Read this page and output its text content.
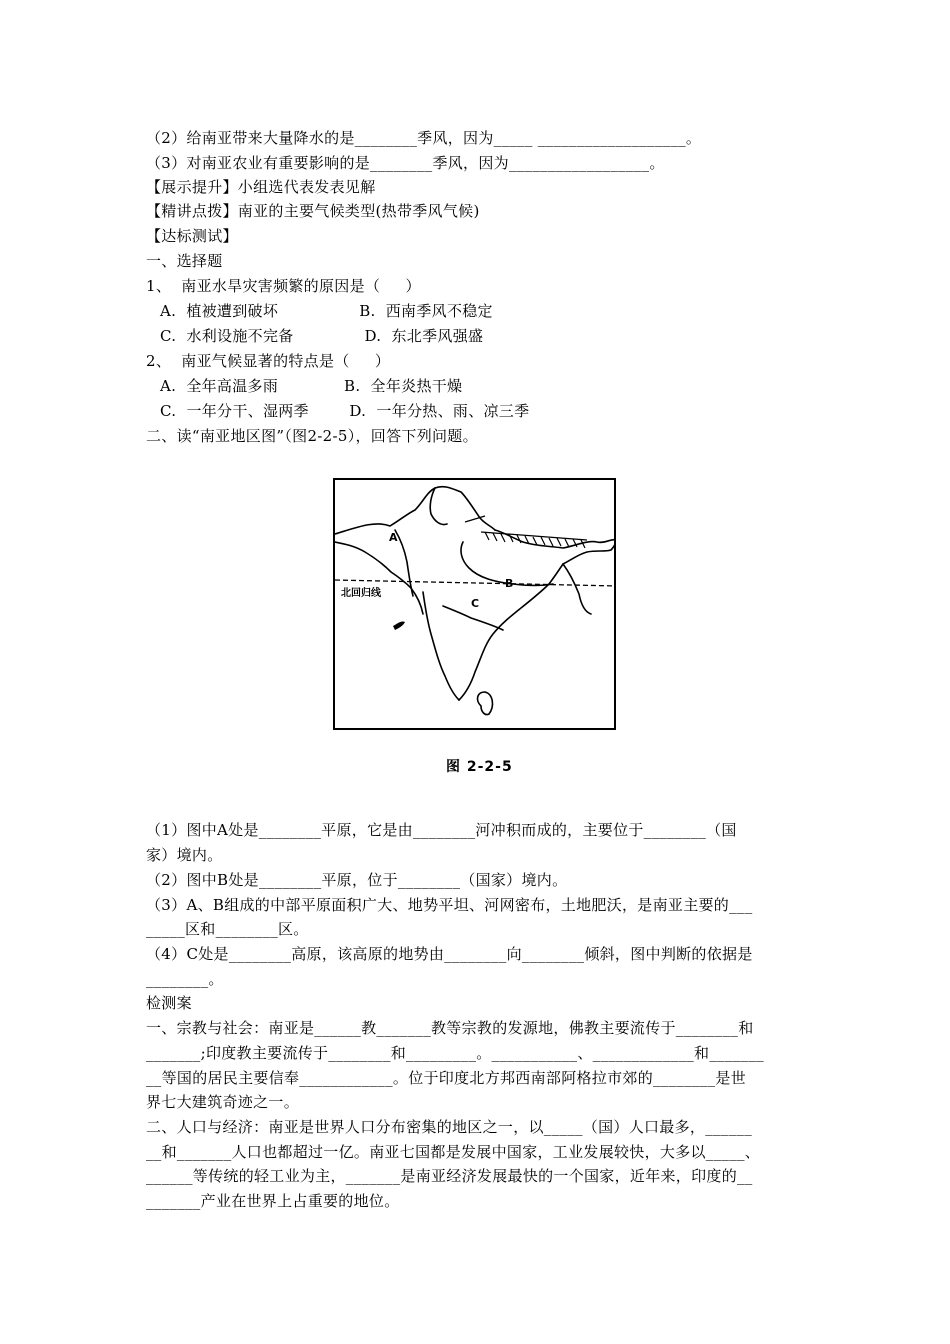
（2）给南亚带来大量降水的是________季风，因为_____ ___________________。
（3）对南亚农业有重要影响的是________季风，因为__________________。
【展示提升】小组选代表发表见解
【精讲点拨】南亚的主要气候类型(热带季风气候)
【达标测试】
一、选择题
1、  南亚水旱灾害频繁的原因是（     ）
A.  植被遭到破坏                B.  西南季风不稳定
C.  水利设施不完备              D.  东北季风强盛
2、  南亚气候显著的特点是（     ）
A.  全年高温多雨             B.  全年炎热干燥
C.  一年分干、湿两季        D.  一年分热、雨、凉三季
二、读“南亚地区图”（图2-2-5），回答下列问题。
A
B
C
北回归线
图 2-2-5
（1）图中A处是________平原，它是由________河冲积而成的，主要位于________（国
家）境内。
（2）图中B处是________平原，位于________（国家）境内。
（3）A、B组成的中部平原面积广大、地势平坦、河网密布，土地肥沃，是南亚主要的___
_____区和________区。
（4）C处是________高原，该高原的地势由________向________倾斜，图中判断的依据是
________。
检测案
一、宗教与社会：南亚是______教_______教等宗教的发源地，佛教主要流传于________和
_______;印度教主要流传于________和_________。___________、_____________和_______
__等国的居民主要信奉____________。位于印度北方邦西南部阿格拉市郊的________是世
界七大建筑奇迹之一。
二、人口与经济：南亚是世界人口分布密集的地区之一，以_____（国）人口最多，______
__和_______人口也都超过一亿。南亚七国都是发展中国家，工业发展较快，大多以_____、
______等传统的轻工业为主，_______是南亚经济发展最快的一个国家，近年来，印度的__
_______产业在世界上占重要的地位。
